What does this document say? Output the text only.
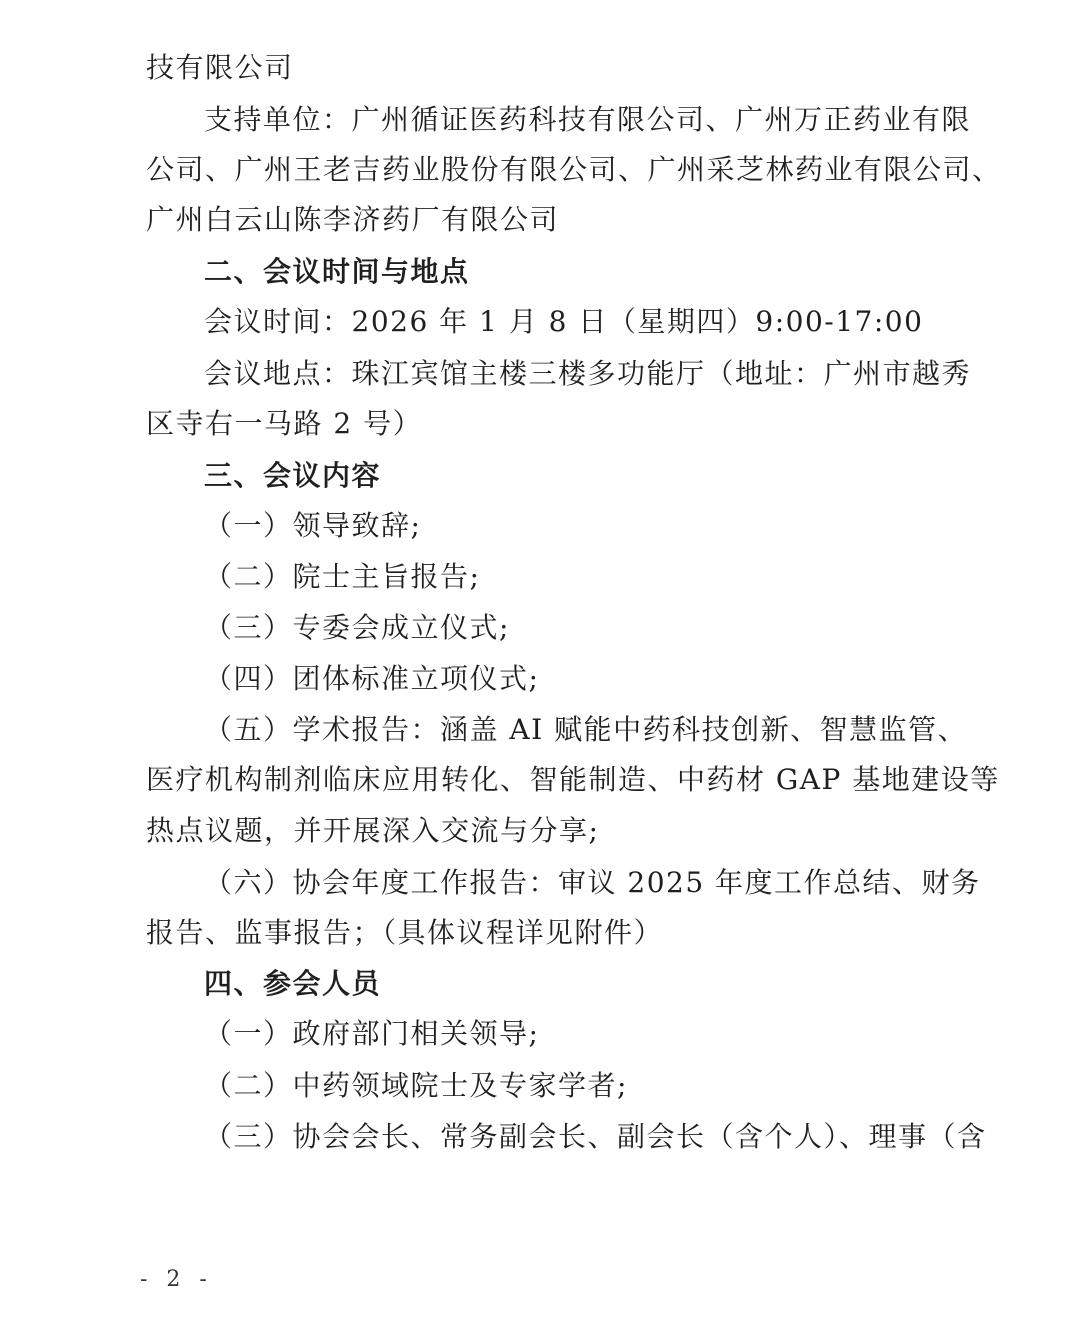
技有限公司
支持单位：广州循证医药科技有限公司、广州万正药业有限
公司、广州王老吉药业股份有限公司、广州采芝林药业有限公司、
广州白云山陈李济药厂有限公司
二、会议时间与地点
会议时间：2026 年 1 月 8 日（星期四）9:00-17:00
会议地点：珠江宾馆主楼三楼多功能厅（地址：广州市越秀
区寺右一马路 2 号）
三、会议内容
（一）领导致辞;
（二）院士主旨报告;
（三）专委会成立仪式;
（四）团体标准立项仪式;
（五）学术报告：涵盖 AI 赋能中药科技创新、智慧监管、
医疗机构制剂临床应用转化、智能制造、中药材 GAP 基地建设等
热点议题，并开展深入交流与分享;
（六）协会年度工作报告：审议 2025 年度工作总结、财务
报告、监事报告；（具体议程详见附件）
四、参会人员
（一）政府部门相关领导;
（二）中药领域院士及专家学者;
（三）协会会长、常务副会长、副会长（含个人）、理事（含
- 2 -
